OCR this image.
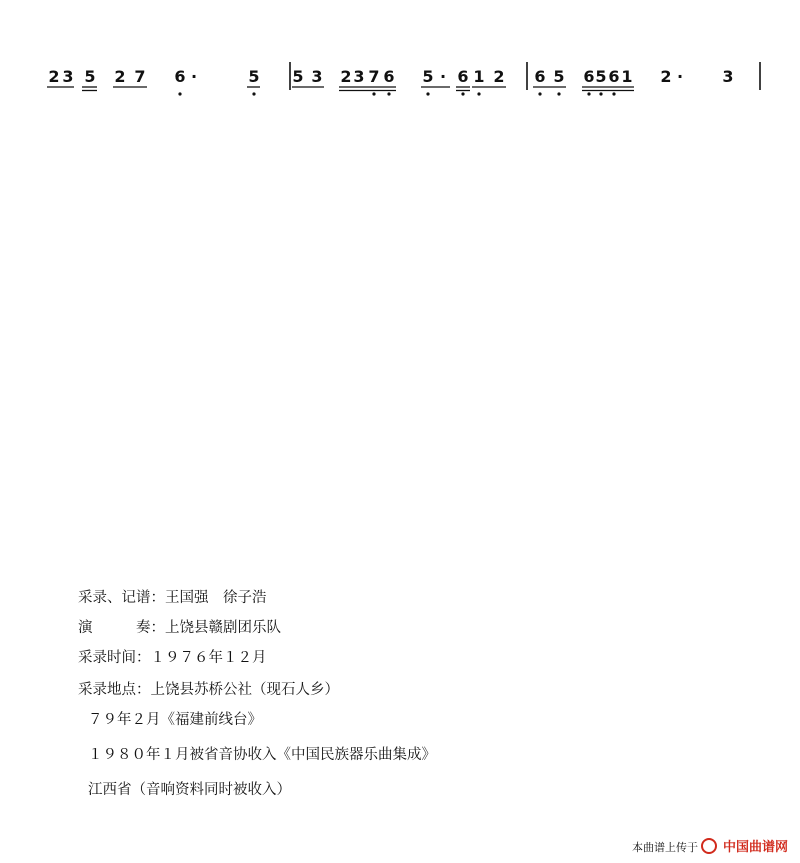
2 3 5 2 7 6 ·	5 5 3 2 3 7 6 5 · 6 1 2 6 5 6 5 6 1 2 · 3
采录、记谱：王国强　徐子浩
演　　　奏：上饶县赣剧团乐队
采录时间：１９７６年１２月
采录地点：上饶县苏桥公社（现石人乡）
７９年２月《福建前线台》
１９８０年１月被省音协收入《中国民族器乐曲集成》
江西省（音响资料同时被收入）
本曲谱上传于 中国曲谱网
